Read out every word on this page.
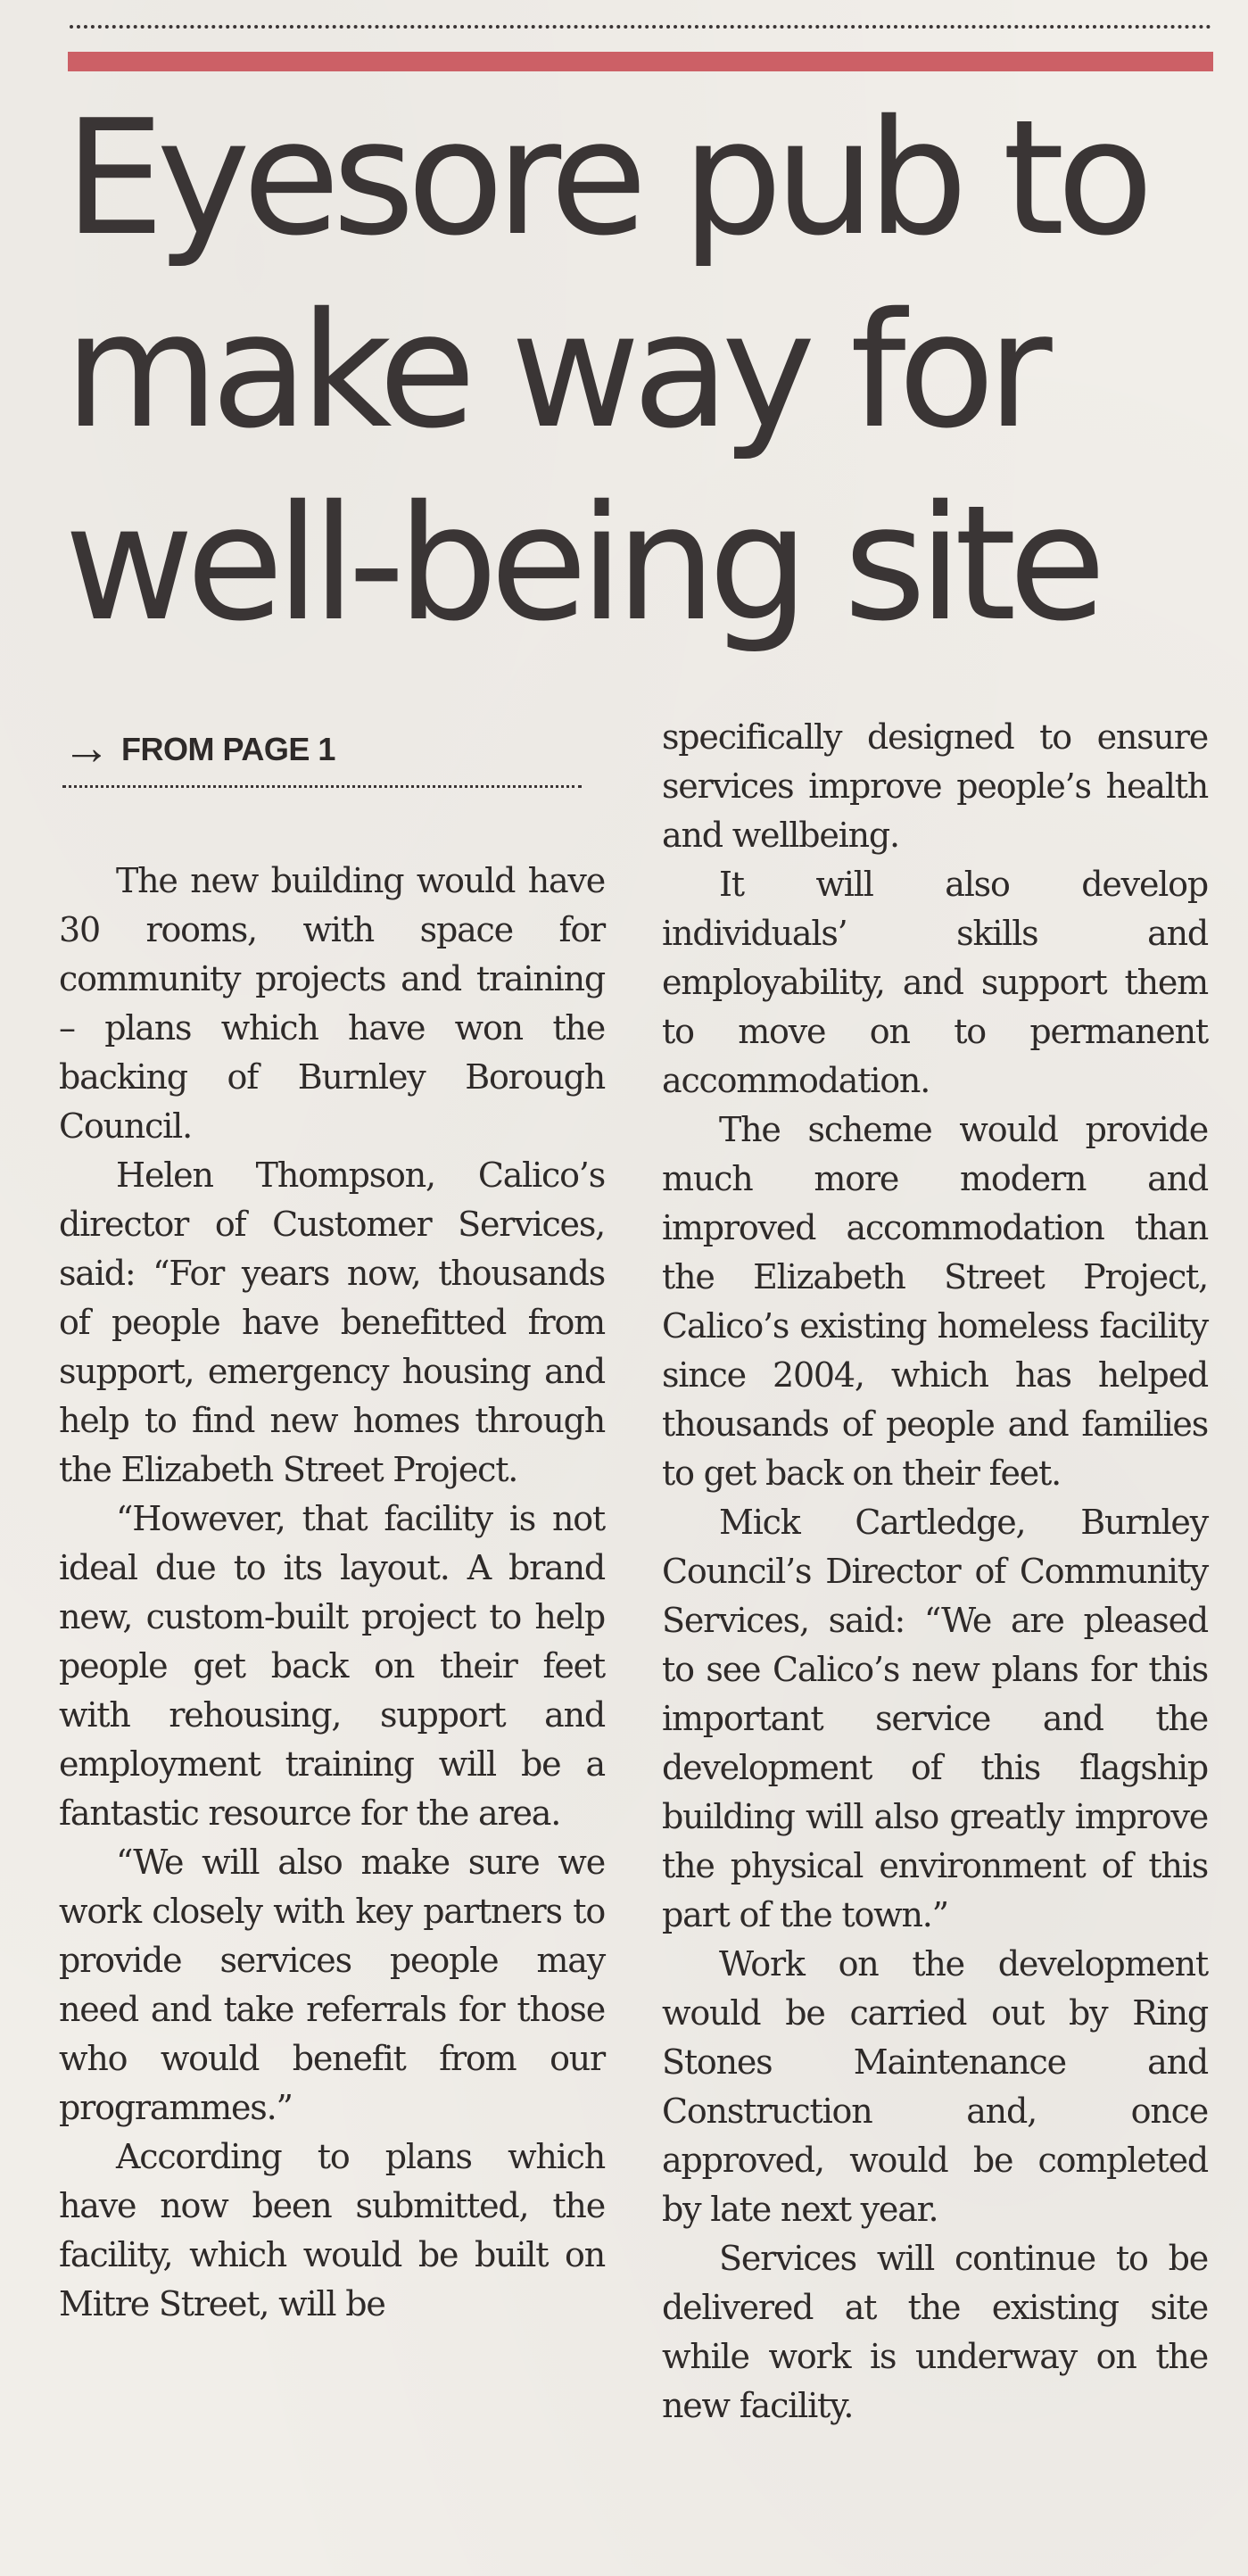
Eyesore pub to
make way for
well-being site
→ FROM PAGE 1

The new building would have 30 rooms, with space for community projects and training – plans which have won the backing of Burnley Borough Council.

Helen Thompson, Calico’s director of Customer Services, said: “For years now, thousands of people have benefitted from support, emergency housing and help to find new homes through the Elizabeth Street Project.

“However, that facility is not ideal due to its layout. A brand new, custom-built project to help people get back on their feet with rehousing, support and employment training will be a fantastic resource for the area.

“We will also make sure we work closely with key partners to provide services people may need and take referrals for those who would benefit from our programmes.”

According to plans which have now been submitted, the facility, which would be built on Mitre Street, will be

specifically designed to ensure services improve people’s health and wellbeing.

It will also develop individuals’ skills and employability, and support them to move on to permanent accommodation.

The scheme would provide much more modern and improved accommodation than the Elizabeth Street Project, Calico’s existing homeless facility since 2004, which has helped thousands of people and families to get back on their feet.

Mick Cartledge, Burnley Council’s Director of Community Services, said: “We are pleased to see Calico’s new plans for this important service and the development of this flagship building will also greatly improve the physical environment of this part of the town.”

Work on the development would be carried out by Ring Stones Maintenance and Construction and, once approved, would be completed by late next year.

Services will continue to be delivered at the existing site while work is underway on the new facility.
